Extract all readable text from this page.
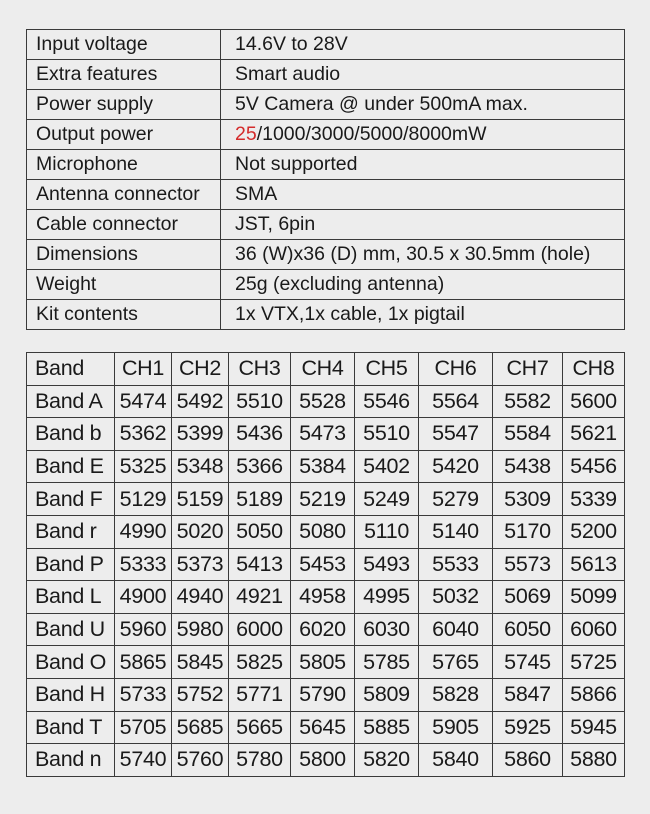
Input voltage	14.6V to 28V
Extra features	Smart audio
Power supply	5V Camera @ under 500mA max.
Output power	25/1000/3000/5000/8000mW
Microphone	Not supported
Antenna connector	SMA
Cable connector	JST, 6pin
Dimensions	36 (W)x36 (D) mm, 30.5 x 30.5mm (hole)
Weight	25g (excluding antenna)
Kit contents	1x VTX,1x cable, 1x pigtail
Band	CH1	CH2	CH3	CH4	CH5	CH6	CH7	CH8
Band A	5474	5492	5510	5528	5546	5564	5582	5600
Band b	5362	5399	5436	5473	5510	5547	5584	5621
Band E	5325	5348	5366	5384	5402	5420	5438	5456
Band F	5129	5159	5189	5219	5249	5279	5309	5339
Band r	4990	5020	5050	5080	5110	5140	5170	5200
Band P	5333	5373	5413	5453	5493	5533	5573	5613
Band L	4900	4940	4921	4958	4995	5032	5069	5099
Band U	5960	5980	6000	6020	6030	6040	6050	6060
Band O	5865	5845	5825	5805	5785	5765	5745	5725
Band H	5733	5752	5771	5790	5809	5828	5847	5866
Band T	5705	5685	5665	5645	5885	5905	5925	5945
Band n	5740	5760	5780	5800	5820	5840	5860	5880
